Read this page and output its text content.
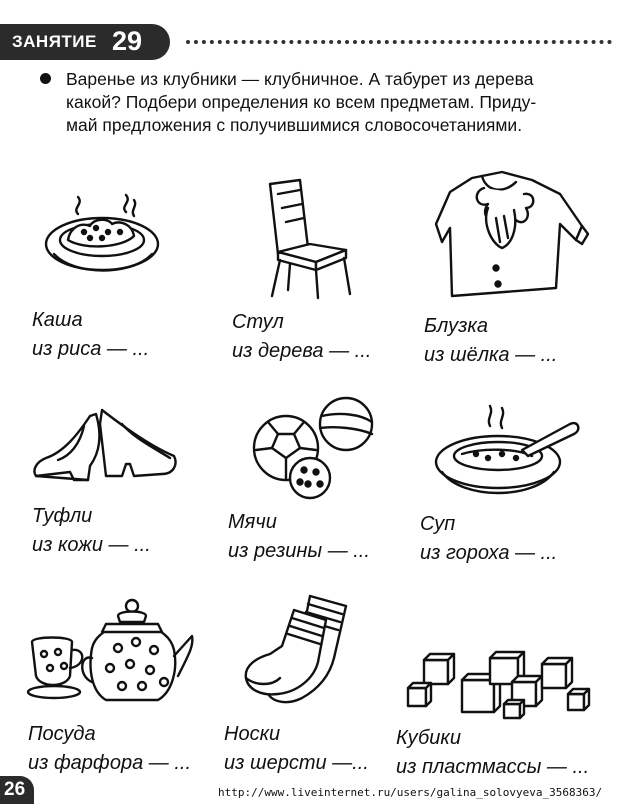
ЗАНЯТИЕ 29
Варенье из клубники — клубничное. А табурет из дерева
какой? Подбери определения ко всем предметам. Приду-
май предложения с получившимися словосочетаниями.
Каша
из риса — ...
Стул
из дерева — ...
Блузка
из шёлка — ...
Туфли
из кожи — ...
Мячи
из резины — ...
Суп
из гороха — ...
Посуда
из фарфора — ...
Носки
из шерсти —...
Кубики
из пластмассы — ...
26	http://www.liveinternet.ru/users/galina_solovyeva_3568363/
